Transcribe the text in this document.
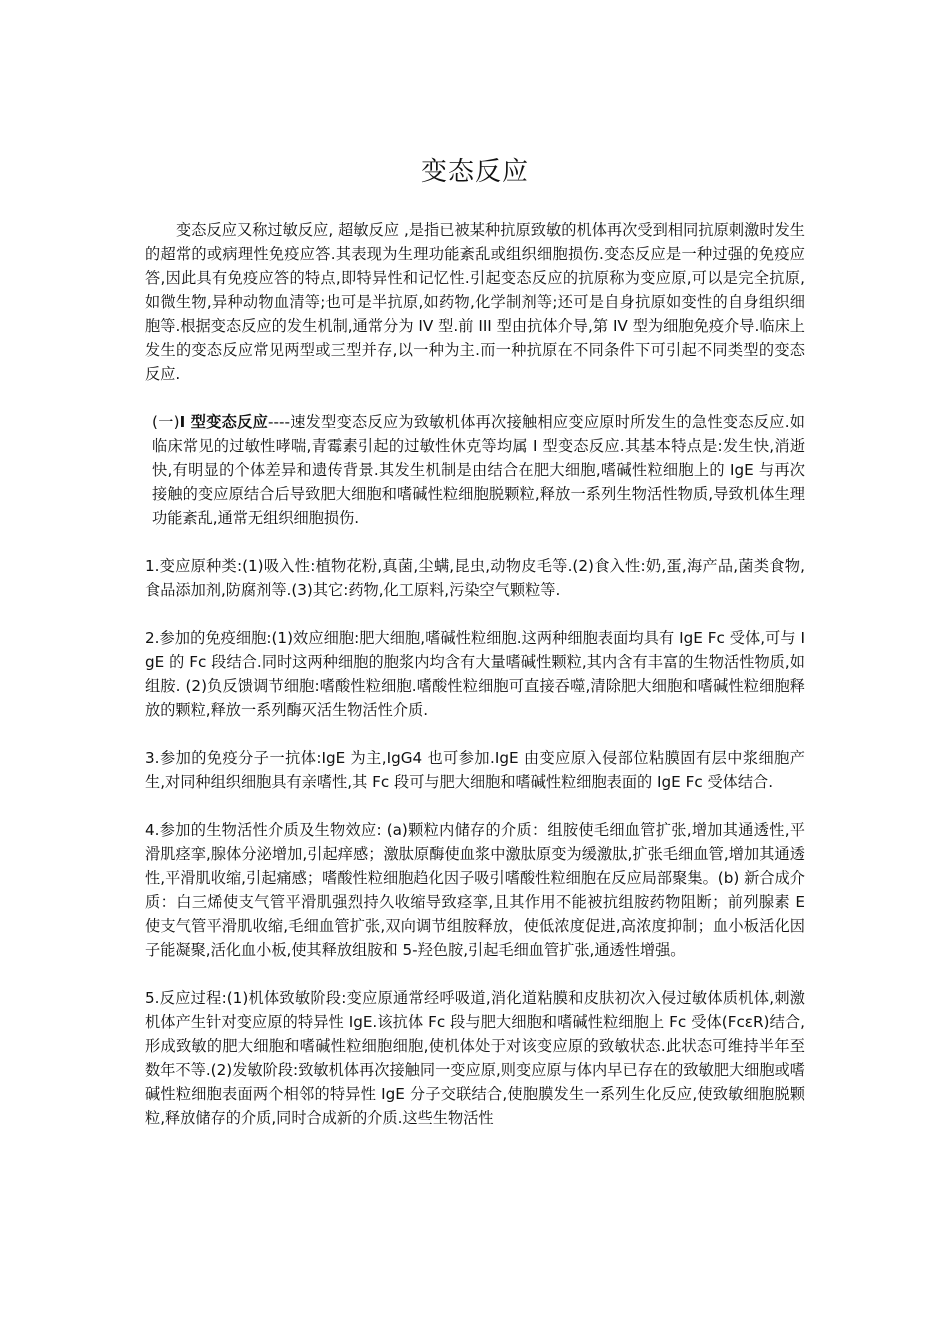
变态反应

变态反应又称过敏反应, 超敏反应 ,是指已被某种抗原致敏的机体再次受到相同抗原刺激时发生的超常的或病理性免疫应答.其表现为生理功能紊乱或组织细胞损伤.变态反应是一种过强的免疫应答,因此具有免疫应答的特点,即特异性和记忆性.引起变态反应的抗原称为变应原,可以是完全抗原,如微生物,异种动物血清等;也可是半抗原,如药物,化学制剂等;还可是自身抗原如变性的自身组织细胞等.根据变态反应的发生机制,通常分为 IV 型.前 III 型由抗体介导,第 IV 型为细胞免疫介导.临床上发生的变态反应常见两型或三型并存,以一种为主.而一种抗原在不同条件下可引起不同类型的变态反应.

(一)I 型变态反应----速发型变态反应为致敏机体再次接触相应变应原时所发生的急性变态反应.如临床常见的过敏性哮喘,青霉素引起的过敏性休克等均属 I 型变态反应.其基本特点是:发生快,消逝快,有明显的个体差异和遗传背景.其发生机制是由结合在肥大细胞,嗜碱性粒细胞上的 IgE 与再次接触的变应原结合后导致肥大细胞和嗜碱性粒细胞脱颗粒,释放一系列生物活性物质,导致机体生理功能紊乱,通常无组织细胞损伤.

1.变应原种类:(1)吸入性:植物花粉,真菌,尘螨,昆虫,动物皮毛等.(2)食入性:奶,蛋,海产品,菌类食物,食品添加剂,防腐剂等.(3)其它:药物,化工原料,污染空气颗粒等.

2.参加的免疫细胞:(1)效应细胞:肥大细胞,嗜碱性粒细胞.这两种细胞表面均具有 IgE Fc 受体,可与 IgE 的 Fc 段结合.同时这两种细胞的胞浆内均含有大量嗜碱性颗粒,其内含有丰富的生物活性物质,如组胺. (2)负反馈调节细胞:嗜酸性粒细胞.嗜酸性粒细胞可直接吞噬,清除肥大细胞和嗜碱性粒细胞释放的颗粒,释放一系列酶灭活生物活性介质.

3.参加的免疫分子一抗体:IgE 为主,IgG4 也可参加.IgE 由变应原入侵部位粘膜固有层中浆细胞产生,对同种组织细胞具有亲嗜性,其 Fc 段可与肥大细胞和嗜碱性粒细胞表面的 IgE Fc 受体结合.

4.参加的生物活性介质及生物效应: (a)颗粒内储存的介质：组胺使毛细血管扩张,增加其通透性,平滑肌痉挛,腺体分泌增加,引起痒感；激肽原酶使血浆中激肽原变为缓激肽,扩张毛细血管,增加其通透性,平滑肌收缩,引起痛感；嗜酸性粒细胞趋化因子吸引嗜酸性粒细胞在反应局部聚集。(b) 新合成介质：白三烯使支气管平滑肌强烈持久收缩导致痉挛,且其作用不能被抗组胺药物阻断；前列腺素 E 使支气管平滑肌收缩,毛细血管扩张,双向调节组胺释放，使低浓度促进,高浓度抑制；血小板活化因子能凝聚,活化血小板,使其释放组胺和 5-羟色胺,引起毛细血管扩张,通透性增强。

5.反应过程:(1)机体致敏阶段:变应原通常经呼吸道,消化道粘膜和皮肤初次入侵过敏体质机体,刺激机体产生针对变应原的特异性 IgE.该抗体 Fc 段与肥大细胞和嗜碱性粒细胞上 Fc 受体(FcεR)结合,形成致敏的肥大细胞和嗜碱性粒细胞细胞,使机体处于对该变应原的致敏状态.此状态可维持半年至数年不等.(2)发敏阶段:致敏机体再次接触同一变应原,则变应原与体内早已存在的致敏肥大细胞或嗜碱性粒细胞表面两个相邻的特异性 IgE 分子交联结合,使胞膜发生一系列生化反应,使致敏细胞脱颗粒,释放储存的介质,同时合成新的介质.这些生物活性
